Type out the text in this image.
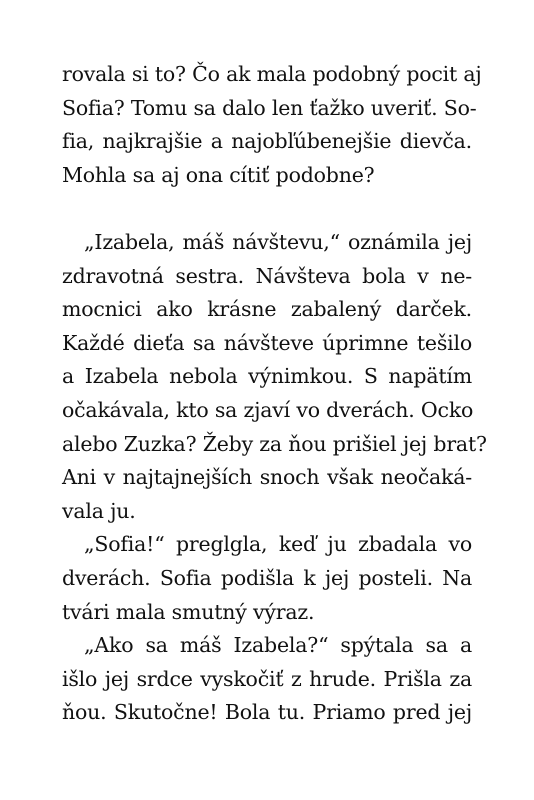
rovala si to? Čo ak mala podobný pocit aj
Sofia? Tomu sa dalo len ťažko uveriť. So-
fia, najkrajšie a najobľúbenejšie dievča.
Mohla sa aj ona cítiť podobne?
„Izabela, máš návštevu,“ oznámila jej
zdravotná sestra. Návšteva bola v ne-
mocnici ako krásne zabalený darček.
Každé dieťa sa návšteve úprimne tešilo
a Izabela nebola výnimkou. S napätím
očakávala, kto sa zjaví vo dverách. Ocko
alebo Zuzka? Žeby za ňou prišiel jej brat?
Ani v najtajnejších snoch však neočaká-
vala ju.
„Sofia!“ preglgla, keď ju zbadala vo
dverách. Sofia podišla k jej posteli. Na
tvári mala smutný výraz.
„Ako sa máš Izabela?“ spýtala sa a
išlo jej srdce vyskočiť z hrude. Prišla za
ňou. Skutočne! Bola tu. Priamo pred jej
